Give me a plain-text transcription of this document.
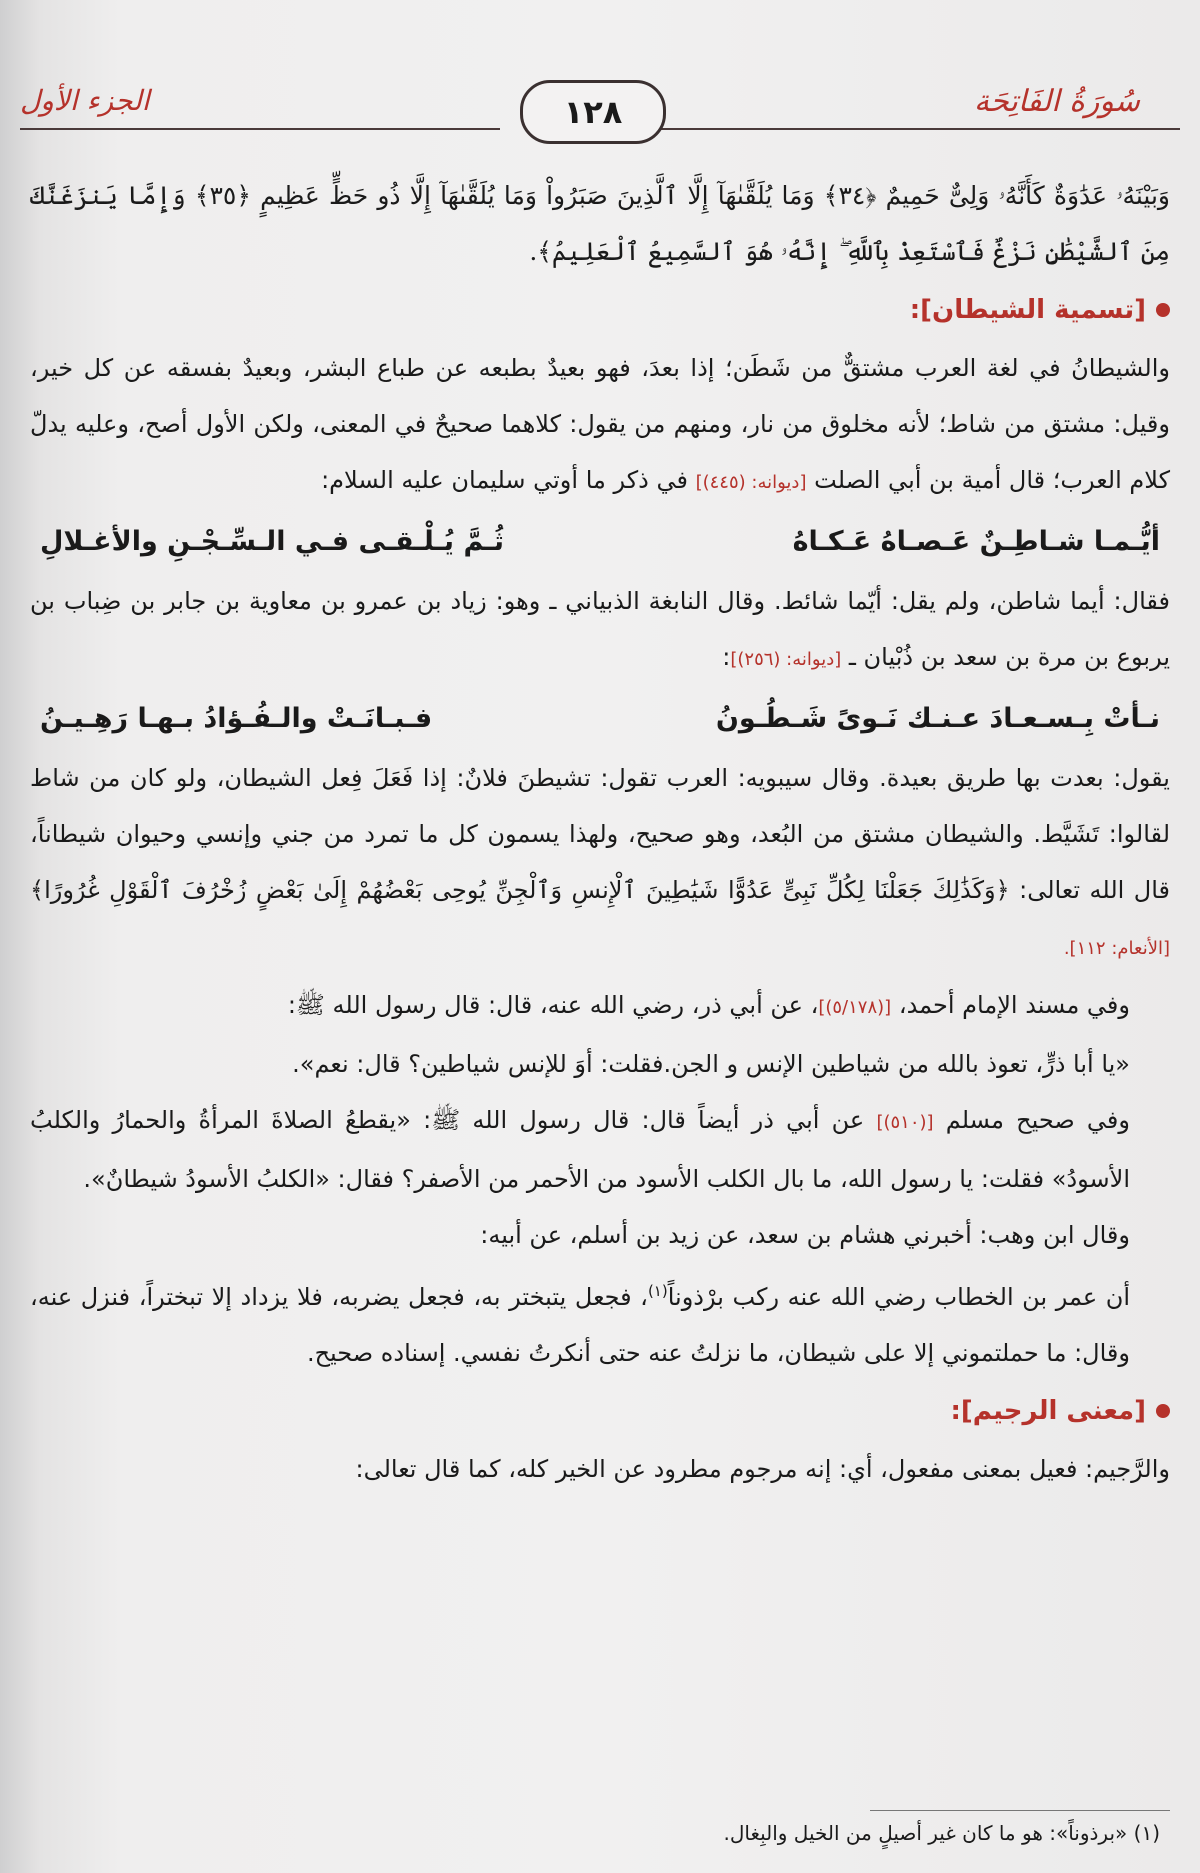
١٢٨	سُورَةُ الفَاتِحَة
الجزء الأول

وَبَيْنَهُۥ عَدَٰوَةٌ كَأَنَّهُۥ وَلِىٌّ حَمِيمٌ ﴿٣٤﴾ وَمَا يُلَقَّىٰهَآ إِلَّا ٱلَّذِينَ صَبَرُواْ وَمَا يُلَقَّىٰهَآ إِلَّا ذُو حَظٍّ عَظِيمٍ ﴿٣٥﴾ وَإِمَّا يَنزَغَنَّكَ مِنَ ٱلشَّيْطَٰنِ نَزْغٌ فَٱسْتَعِذْ بِٱللَّهِ ۖ إِنَّهُۥ هُوَ ٱلسَّمِيعُ ٱلْعَلِيمُ﴾.

[تسمية الشيطان]:

والشيطانُ في لغة العرب مشتقٌّ من شَطَن؛ إذا بعدَ، فهو بعيدٌ بطبعه عن طباع البشر، وبعيدٌ بفسقه عن كل خير، وقيل: مشتق من شاط؛ لأنه مخلوق من نار، ومنهم من يقول: كلاهما صحيحٌ في المعنى، ولكن الأول أصح، وعليه يدلّ كلام العرب؛ قال أمية بن أبي الصلت [ديوانه: (٤٤٥)] في ذكر ما أوتي سليمان عليه السلام:

أيُّـمـا شـاطِـنٌ عَـصـاهُ عَـكـاهُ
ثُـمَّ يُـلْـقـى فـي الـسِّـجْـنِ والأغـلالِ

فقال: أيما شاطن، ولم يقل: أيّما شائط. وقال النابغة الذبياني ـ وهو: زياد بن عمرو بن معاوية بن جابر بن ضِباب بن يربوع بن مرة بن سعد بن ذُبْيان ـ [ديوانه: (٢٥٦)]:

نـأتْ بِـسـعـادَ عـنـك نَـوىً شَـطُـونُ
فـبـانَـتْ والـفُـؤادُ بـهـا رَهِـيـنُ

يقول: بعدت بها طريق بعيدة. وقال سيبويه: العرب تقول: تشيطنَ فلانٌ: إذا فَعَلَ فِعل الشيطان، ولو كان من شاط لقالوا: تَشَيَّط. والشيطان مشتق من البُعد، وهو صحيح، ولهذا يسمون كل ما تمرد من جني وإنسي وحيوان شيطاناً، قال الله تعالى: ﴿وَكَذَٰلِكَ جَعَلْنَا لِكُلِّ نَبِىٍّ عَدُوًّا شَيَٰطِينَ ٱلْإِنسِ وَٱلْجِنِّ يُوحِى بَعْضُهُمْ إِلَىٰ بَعْضٍ زُخْرُفَ ٱلْقَوْلِ غُرُورًا﴾ [الأنعام: ١١٢].

وفي مسند الإمام أحمد، [(٥/١٧٨)]، عن أبي ذر، رضي الله عنه، قال: قال رسول الله ﷺ:

«يا أبا ذرٍّ، تعوذ بالله من شياطين الإنس و الجن.فقلت: أوَ للإنس شياطين؟ قال: نعم».

وفي صحيح مسلم [(٥١٠)] عن أبي ذر أيضاً قال: قال رسول الله ﷺ: «يقطعُ الصلاةَ المرأةُ والحمارُ والكلبُ الأسودُ» فقلت: يا رسول الله، ما بال الكلب الأسود من الأحمر من الأصفر؟ فقال: «الكلبُ الأسودُ شيطانٌ».

وقال ابن وهب: أخبرني هشام بن سعد، عن زيد بن أسلم، عن أبيه:

أن عمر بن الخطاب رضي الله عنه ركب برْذوناً$^{(١)}$، فجعل يتبختر به، فجعل يضربه، فلا يزداد إلا تبختراً، فنزل عنه، وقال: ما حملتموني إلا على شيطان، ما نزلتُ عنه حتى أنكرتُ نفسي. إسناده صحيح.

[معنى الرجيم]:

والرَّجيم: فعيل بمعنى مفعول، أي: إنه مرجوم مطرود عن الخير كله، كما قال تعالى:

(١) «برذوناً»: هو ما كان غير أصيلٍ من الخيل والبِغال.
